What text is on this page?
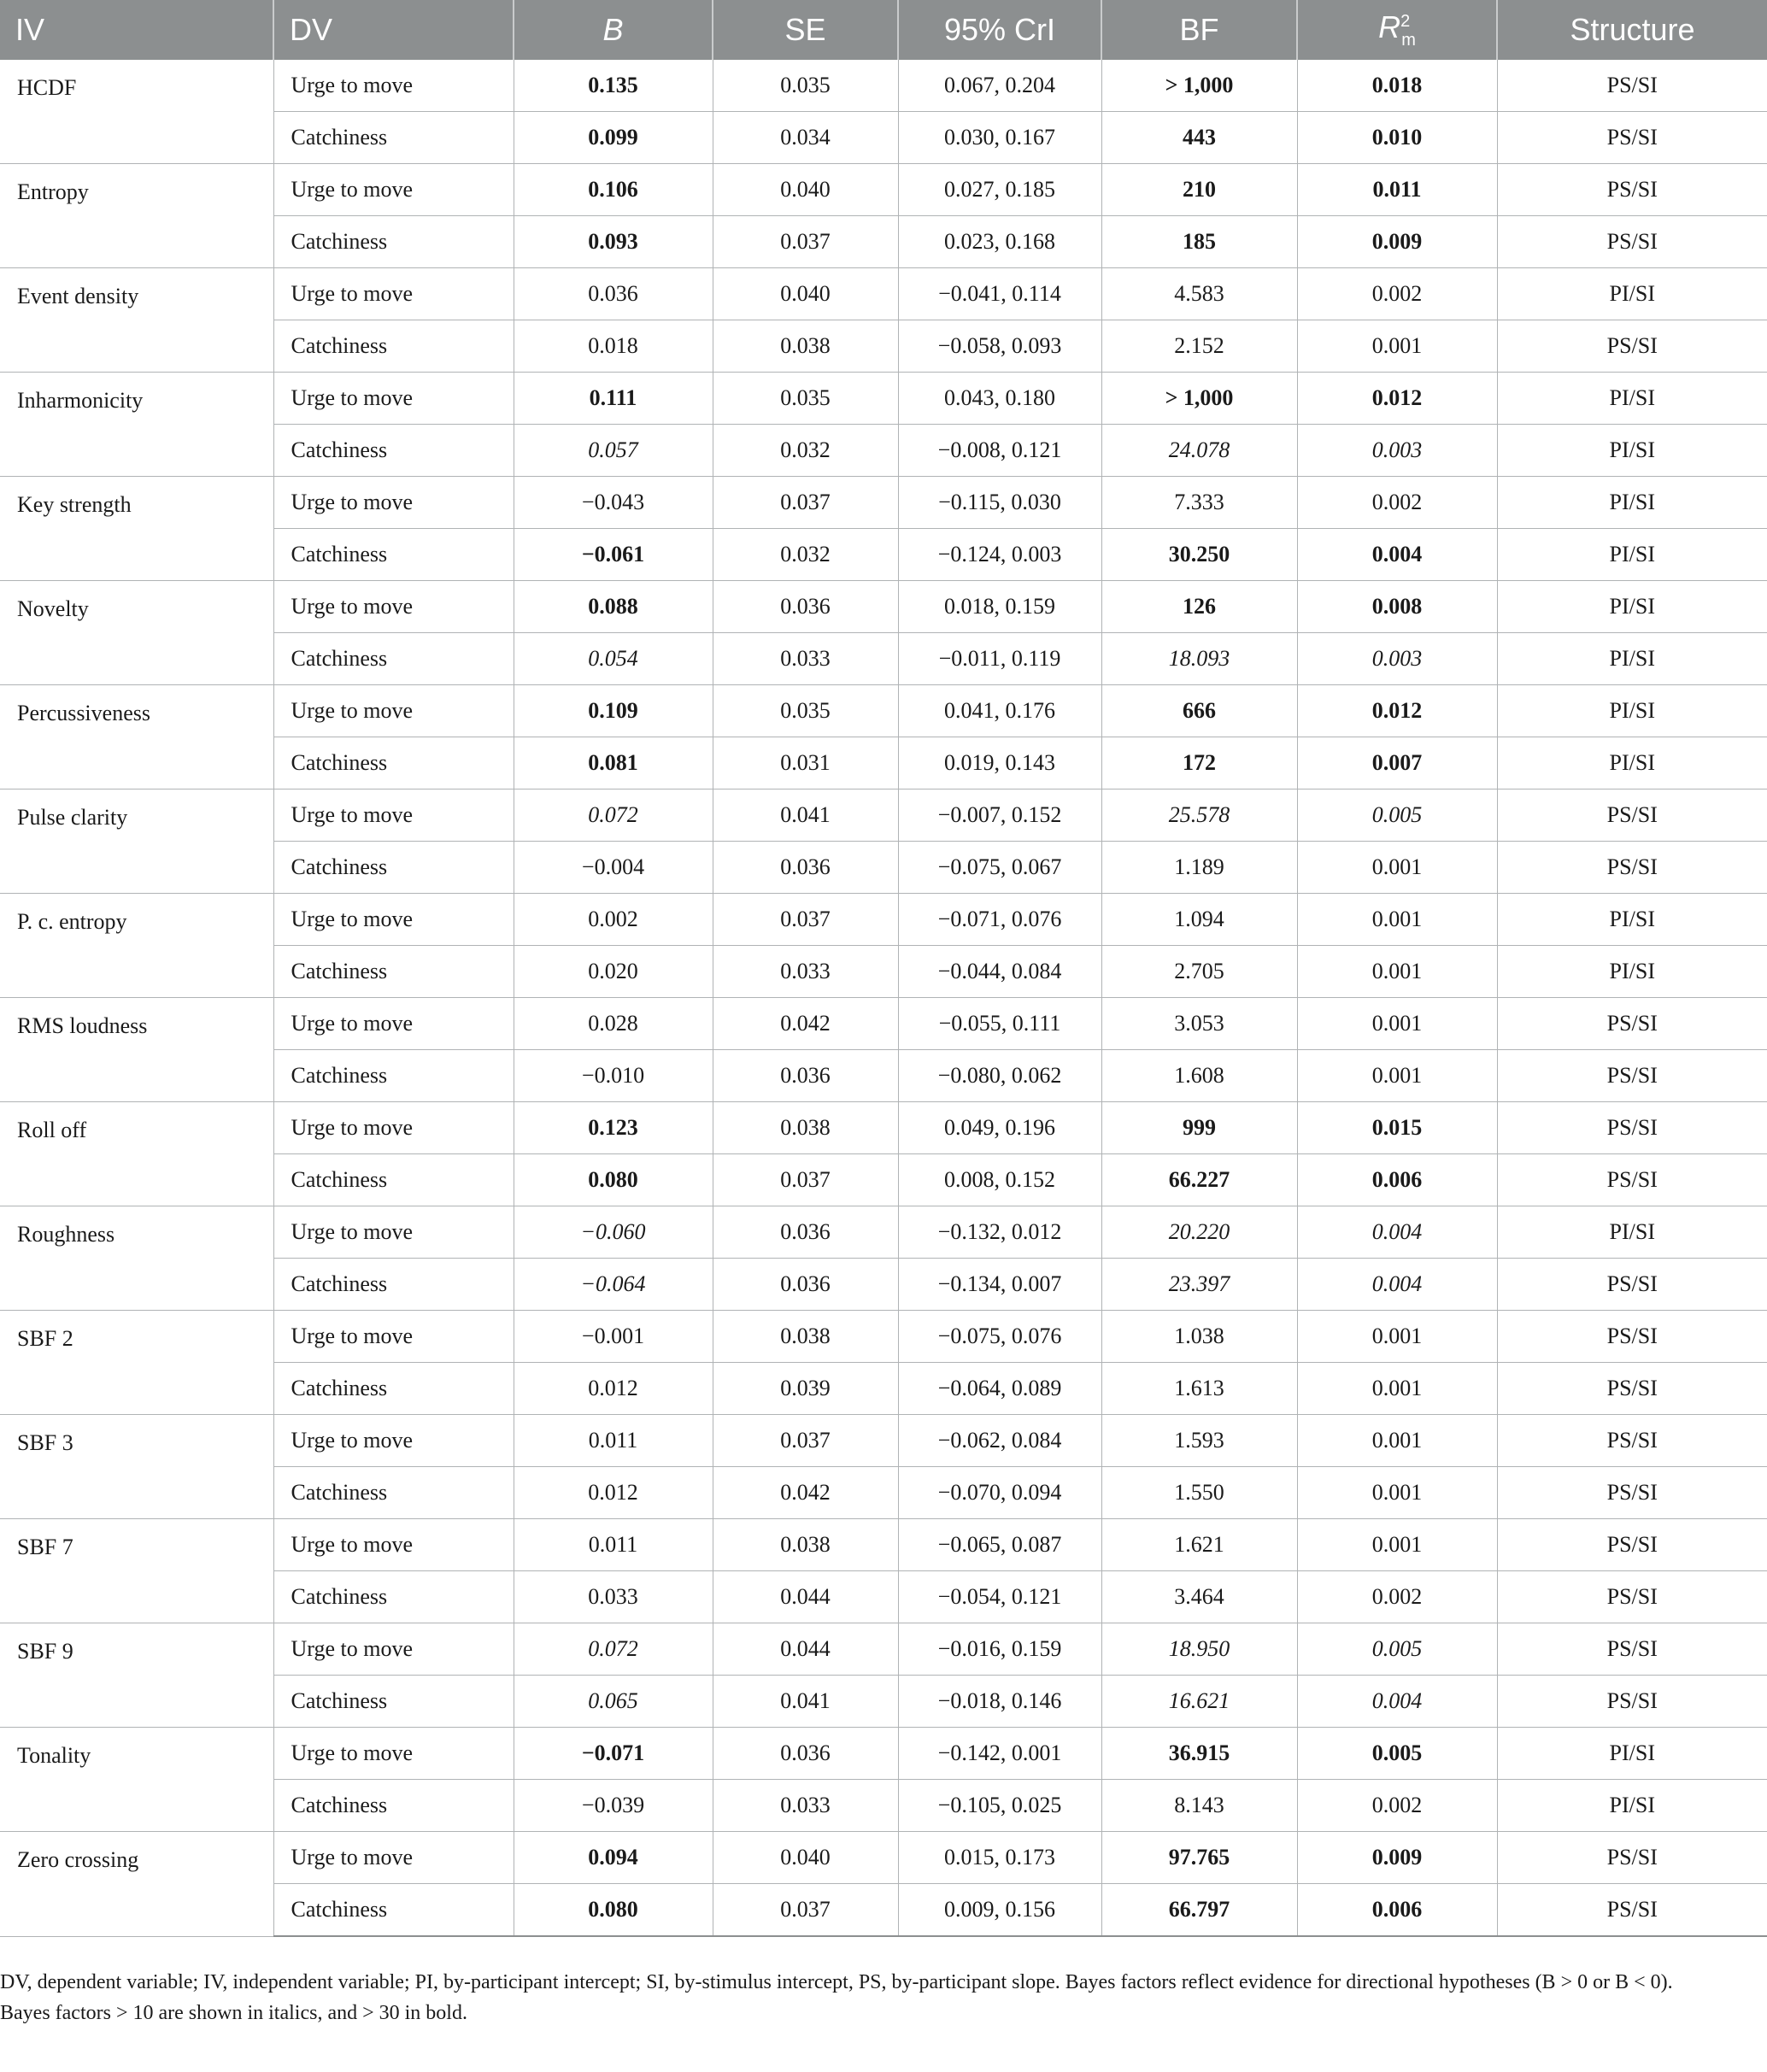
IV	DV	B	SE	95% CrI	BF	$R^2_m$	Structure
HCDF	Urge to move	0.135	0.035	0.067, 0.204	> 1,000	0.018	PS/SI
	Catchiness	0.099	0.034	0.030, 0.167	443	0.010	PS/SI
Entropy	Urge to move	0.106	0.040	0.027, 0.185	210	0.011	PS/SI
	Catchiness	0.093	0.037	0.023, 0.168	185	0.009	PS/SI
Event density	Urge to move	0.036	0.040	−0.041, 0.114	4.583	0.002	PI/SI
	Catchiness	0.018	0.038	−0.058, 0.093	2.152	0.001	PS/SI
Inharmonicity	Urge to move	0.111	0.035	0.043, 0.180	> 1,000	0.012	PI/SI
	Catchiness	0.057	0.032	−0.008, 0.121	24.078	0.003	PI/SI
Key strength	Urge to move	−0.043	0.037	−0.115, 0.030	7.333	0.002	PI/SI
	Catchiness	−0.061	0.032	−0.124, 0.003	30.250	0.004	PI/SI
Novelty	Urge to move	0.088	0.036	0.018, 0.159	126	0.008	PI/SI
	Catchiness	0.054	0.033	−0.011, 0.119	18.093	0.003	PI/SI
Percussiveness	Urge to move	0.109	0.035	0.041, 0.176	666	0.012	PI/SI
	Catchiness	0.081	0.031	0.019, 0.143	172	0.007	PI/SI
Pulse clarity	Urge to move	0.072	0.041	−0.007, 0.152	25.578	0.005	PS/SI
	Catchiness	−0.004	0.036	−0.075, 0.067	1.189	0.001	PS/SI
P. c. entropy	Urge to move	0.002	0.037	−0.071, 0.076	1.094	0.001	PI/SI
	Catchiness	0.020	0.033	−0.044, 0.084	2.705	0.001	PI/SI
RMS loudness	Urge to move	0.028	0.042	−0.055, 0.111	3.053	0.001	PS/SI
	Catchiness	−0.010	0.036	−0.080, 0.062	1.608	0.001	PS/SI
Roll off	Urge to move	0.123	0.038	0.049, 0.196	999	0.015	PS/SI
	Catchiness	0.080	0.037	0.008, 0.152	66.227	0.006	PS/SI
Roughness	Urge to move	−0.060	0.036	−0.132, 0.012	20.220	0.004	PI/SI
	Catchiness	−0.064	0.036	−0.134, 0.007	23.397	0.004	PS/SI
SBF 2	Urge to move	−0.001	0.038	−0.075, 0.076	1.038	0.001	PS/SI
	Catchiness	0.012	0.039	−0.064, 0.089	1.613	0.001	PS/SI
SBF 3	Urge to move	0.011	0.037	−0.062, 0.084	1.593	0.001	PS/SI
	Catchiness	0.012	0.042	−0.070, 0.094	1.550	0.001	PS/SI
SBF 7	Urge to move	0.011	0.038	−0.065, 0.087	1.621	0.001	PS/SI
	Catchiness	0.033	0.044	−0.054, 0.121	3.464	0.002	PS/SI
SBF 9	Urge to move	0.072	0.044	−0.016, 0.159	18.950	0.005	PS/SI
	Catchiness	0.065	0.041	−0.018, 0.146	16.621	0.004	PS/SI
Tonality	Urge to move	−0.071	0.036	−0.142, 0.001	36.915	0.005	PI/SI
	Catchiness	−0.039	0.033	−0.105, 0.025	8.143	0.002	PI/SI
Zero crossing	Urge to move	0.094	0.040	0.015, 0.173	97.765	0.009	PS/SI
	Catchiness	0.080	0.037	0.009, 0.156	66.797	0.006	PS/SI

DV, dependent variable; IV, independent variable; PI, by-participant intercept; SI, by-stimulus intercept, PS, by-participant slope. Bayes factors reflect evidence for directional hypotheses (B > 0 or B < 0).

Bayes factors > 10 are shown in italics, and > 30 in bold.
